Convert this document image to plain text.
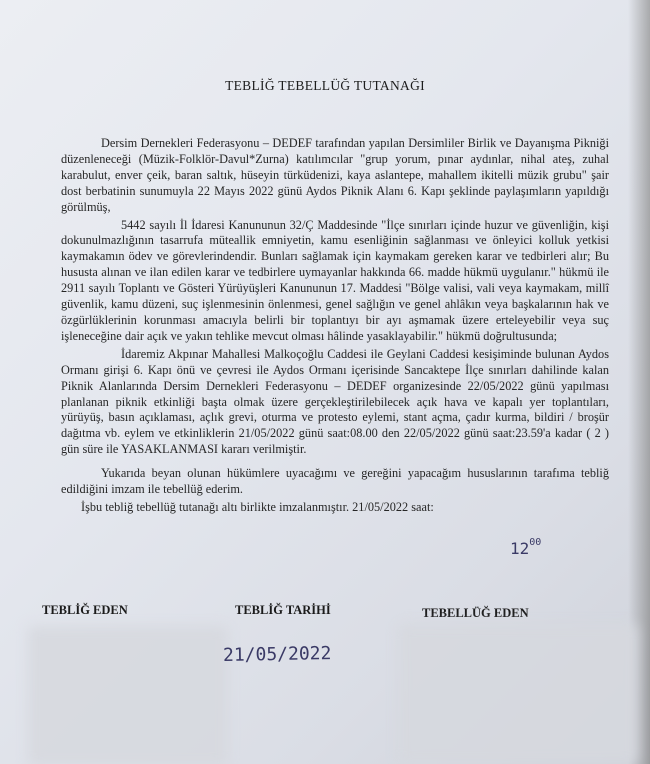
TEBLİĞ TEBELLÜĞ TUTANAĞI

Dersim Dernekleri Federasyonu – DEDEF tarafından yapılan Dersimliler Birlik ve Dayanışma Pikniği düzenleneceği (Müzik-Folklör-Davul*Zurna) katılımcılar "grup yorum, pınar aydınlar, nihal ateş, zuhal karabulut, enver çeik, baran saltık, hüseyin türküdenizi, kaya aslantepe, mahallem ikitelli müzik grubu" şair dost berbatinin sunumuyla 22 Mayıs 2022 günü Aydos Piknik Alanı 6. Kapı şeklinde paylaşımların yapıldığı görülmüş,

5442 sayılı İl İdaresi Kanununun 32/Ç Maddesinde "İlçe sınırları içinde huzur ve güvenliğin, kişi dokunulmazlığının tasarrufa müteallik emniyetin, kamu esenliğinin sağlanması ve önleyici kolluk yetkisi kaymakamın ödev ve görevlerindendir. Bunları sağlamak için kaymakam gereken karar ve tedbirleri alır; Bu hususta alınan ve ilan edilen karar ve tedbirlere uymayanlar hakkında 66. madde hükmü uygulanır." hükmü ile 2911 sayılı Toplantı ve Gösteri Yürüyüşleri Kanununun 17. Maddesi "Bölge valisi, vali veya kaymakam, millî güvenlik, kamu düzeni, suç işlenmesinin önlenmesi, genel sağlığın ve genel ahlâkın veya başkalarının hak ve özgürlüklerinin korunması amacıyla belirli bir toplantıyı bir ayı aşmamak üzere erteleyebilir veya suç işleneceğine dair açık ve yakın tehlike mevcut olması hâlinde yasaklayabilir." hükmü doğrultusunda;

İdaremiz Akpınar Mahallesi Malkoçoğlu Caddesi ile Geylani Caddesi kesişiminde bulunan Aydos Ormanı girişi 6. Kapı önü ve çevresi ile Aydos Ormanı içerisinde Sancaktepe İlçe sınırları dahilinde kalan Piknik Alanlarında Dersim Dernekleri Federasyonu – DEDEF organizesinde 22/05/2022 günü yapılması planlanan piknik etkinliği başta olmak üzere gerçekleştirilebilecek açık hava ve kapalı yer toplantıları, yürüyüş, basın açıklaması, açlık grevi, oturma ve protesto eylemi, stant açma, çadır kurma, bildiri / broşür dağıtma vb. eylem ve etkinliklerin 21/05/2022 günü saat:08.00 den 22/05/2022 günü saat:23.59'a kadar ( 2 ) gün süre ile YASAKLANMASI kararı verilmiştir.

Yukarıda beyan olunan hükümlere uyacağımı ve gereğini yapacağım hususlarının tarafıma tebliğ edildiğini imzam ile tebellüğ ederim.

İşbu tebliğ tebellüğ tutanağı altı birlikte imzalanmıştır. 21/05/2022 saat:

$12^{00}$
TEBLİĞ EDEN	TEBLİĞ TARİHİ	TEBELLÜĞ EDEN
21/05/2022
